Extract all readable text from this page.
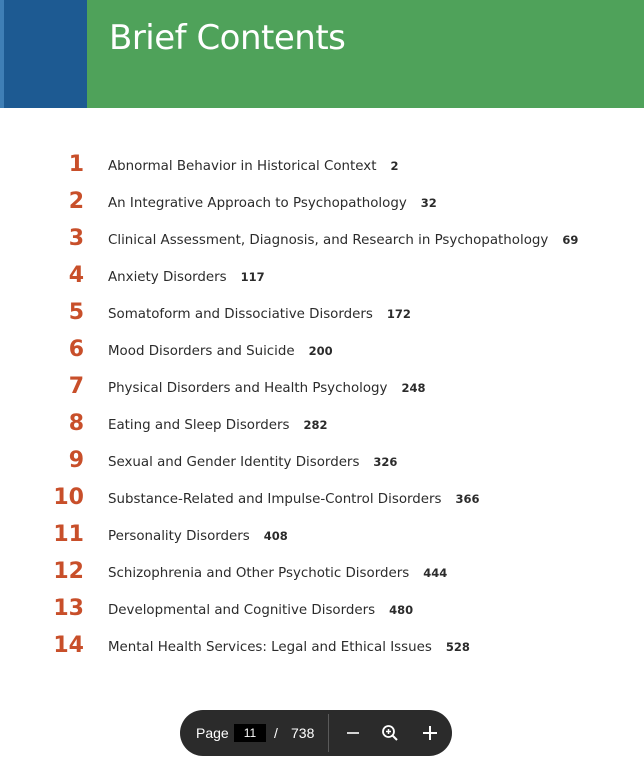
Brief Contents
1 Abnormal Behavior in Historical Context 2
2 An Integrative Approach to Psychopathology 32
3 Clinical Assessment, Diagnosis, and Research in Psychopathology 69
4 Anxiety Disorders 117
5 Somatoform and Dissociative Disorders 172
6 Mood Disorders and Suicide 200
7 Physical Disorders and Health Psychology 248
8 Eating and Sleep Disorders 282
9 Sexual and Gender Identity Disorders 326
10 Substance-Related and Impulse-Control Disorders 366
11 Personality Disorders 408
12 Schizophrenia and Other Psychotic Disorders 444
13 Developmental and Cognitive Disorders 480
14 Mental Health Services: Legal and Ethical Issues 528
Page
11	/ 738
